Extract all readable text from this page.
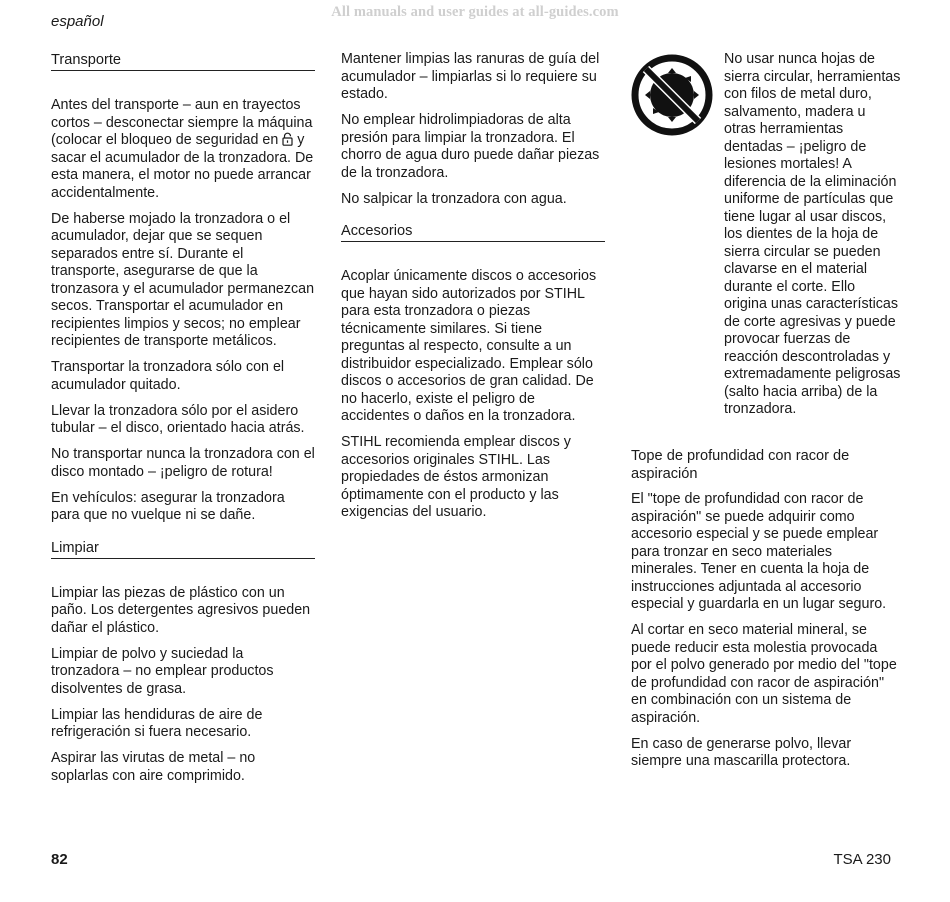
All manuals and user guides at all-guides.com
español
Transporte

Antes del transporte – aun en trayectos cortos – desconectar siempre la máquina (colocar el bloqueo de seguridad en y sacar el acumulador de la tronzadora. De esta manera, el motor no puede arrancar accidentalmente.

De haberse mojado la tronzadora o el acumulador, dejar que se sequen separados entre sí. Durante el transporte, asegurarse de que la tronzasora y el acumulador permanezcan secos. Transportar el acumulador en recipientes limpios y secos; no emplear recipientes de transporte metálicos.

Transportar la tronzadora sólo con el acumulador quitado.

Llevar la tronzadora sólo por el asidero tubular – el disco, orientado hacia atrás.

No transportar nunca la tronzadora con el disco montado – ¡peligro de rotura!

En vehículos: asegurar la tronzadora para que no vuelque ni se dañe.

Limpiar

Limpiar las piezas de plástico con un paño. Los detergentes agresivos pueden dañar el plástico.

Limpiar de polvo y suciedad la tronzadora – no emplear productos disolventes de grasa.

Limpiar las hendiduras de aire de refrigeración si fuera necesario.

Aspirar las virutas de metal – no soplarlas con aire comprimido.

Mantener limpias las ranuras de guía del acumulador – limpiarlas si lo requiere su estado.

No emplear hidrolimpiadoras de alta presión para limpiar la tronzadora. El chorro de agua duro puede dañar piezas de la tronzadora.

No salpicar la tronzadora con agua.

Accesorios

Acoplar únicamente discos o accesorios que hayan sido autorizados por STIHL para esta tronzadora o piezas técnicamente similares. Si tiene preguntas al respecto, consulte a un distribuidor especializado. Emplear sólo discos o accesorios de gran calidad. De no hacerlo, existe el peligro de accidentes o daños en la tronzadora.

STIHL recomienda emplear discos y accesorios originales STIHL. Las propiedades de éstos armonizan óptimamente con el producto y las exigencias del usuario.

No usar nunca hojas de sierra circular, herramientas con filos de metal duro, salvamento, madera u otras herramientas dentadas – ¡peligro de lesiones mortales! A diferencia de la eliminación uniforme de partículas que tiene lugar al usar discos, los dientes de la hoja de sierra circular se pueden clavarse en el material durante el corte. Ello origina unas características de corte agresivas y puede provocar fuerzas de reacción descontroladas y extremadamente peligrosas (salto hacia arriba) de la tronzadora.
Tope de profundidad con racor de aspiración

El "tope de profundidad con racor de aspiración" se puede adquirir como accesorio especial y se puede emplear para tronzar en seco materiales minerales. Tener en cuenta la hoja de instrucciones adjuntada al accesorio especial y guardarla en un lugar seguro.

Al cortar en seco material mineral, se puede reducir esta molestia provocada por el polvo generado por medio del "tope de profundidad con racor de aspiración" en combinación con un sistema de aspiración.

En caso de generarse polvo, llevar siempre una mascarilla protectora.

82	TSA 230
